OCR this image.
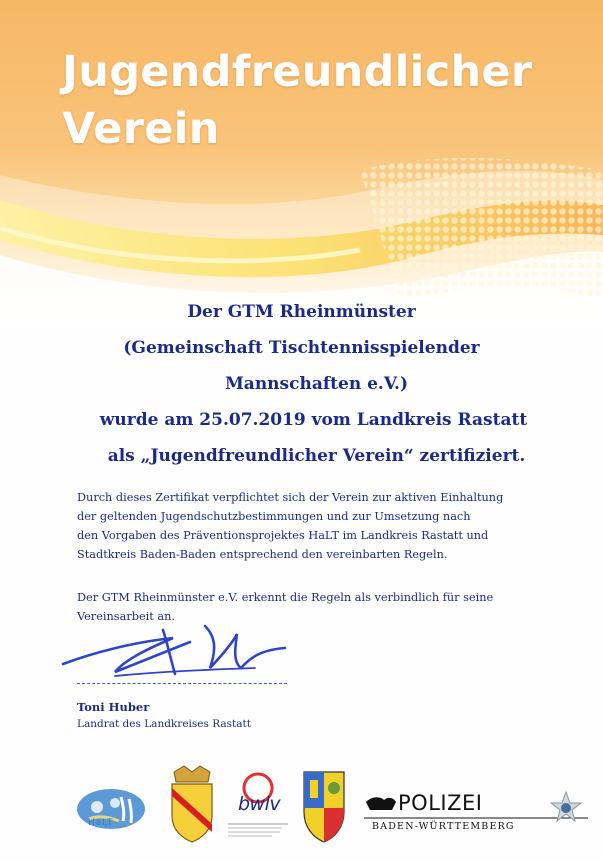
Jugendfreundlicher
Verein
Der GTM Rheinmünster
(Gemeinschaft Tischtennisspielender
Mannschaften e.V.)
wurde am 25.07.2019 vom Landkreis Rastatt
als „Jugendfreundlicher Verein“ zertifiziert.

Durch dieses Zertifikat verpflichtet sich der Verein zur aktiven Einhaltung
der geltenden Jugendschutzbestimmungen und zur Umsetzung nach
den Vorgaben des Präventionsprojektes HaLT im Landkreis Rastatt und
Stadtkreis Baden-Baden entsprechend den vereinbarten Regeln.

Der GTM Rheinmünster e.V. erkennt die Regeln als verbindlich für seine
Vereinsarbeit an.

Toni Huber
Landrat des Landkreises Rastatt
HaLT
bwlv	POLIZEI
BADEN-WÜRTTEMBERG
